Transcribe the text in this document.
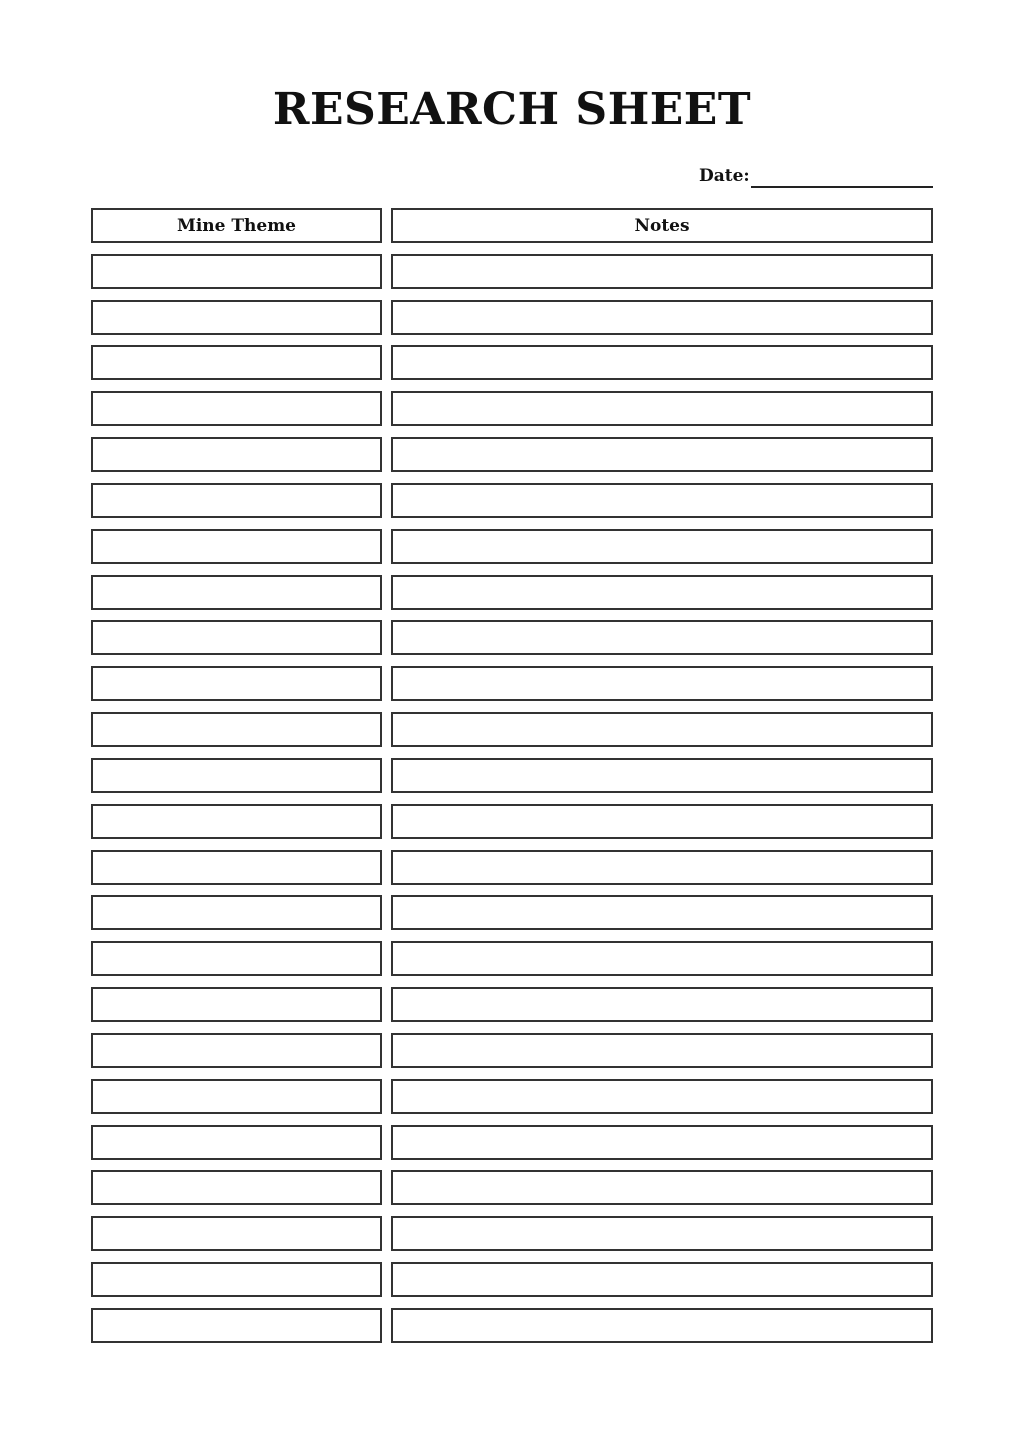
RESEARCH SHEET
Date:
Mine Theme	Notes
